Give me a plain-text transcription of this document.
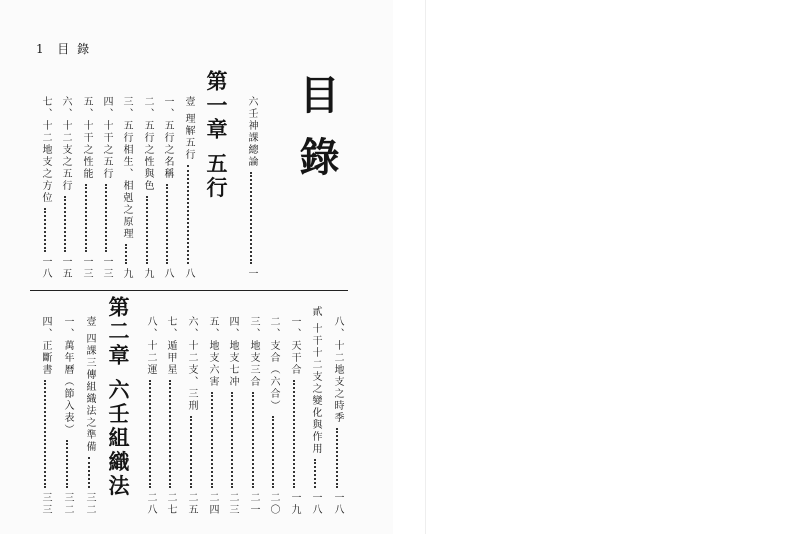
1 目 錄
目錄
六壬神課總論
一
第一章 五行
壹 理解五行
八
一、五行之名稱
八
二、五行之性與色
九
三、五行相生、相剋之原理
九
四、十干之五行
一三
五、十干之性能
一三
六、十二支之五行
一五
七、十二地支之方位
一八
八、十二地支之時季
一八
貳 十干十二支之變化與作用
一八
一、天干合
一九
二、支合（六合）
二〇
三、地支三合
二一
四、地支七冲
二三
五、地支六害
二四
六、十二支、三刑
二五
七、遁甲星
二七
八、十二運
二八
第二章 六壬組織法
壹 四課三傳組織法之準備
三二
一、萬年曆（節入表）
三二
四、正斷書
三三
